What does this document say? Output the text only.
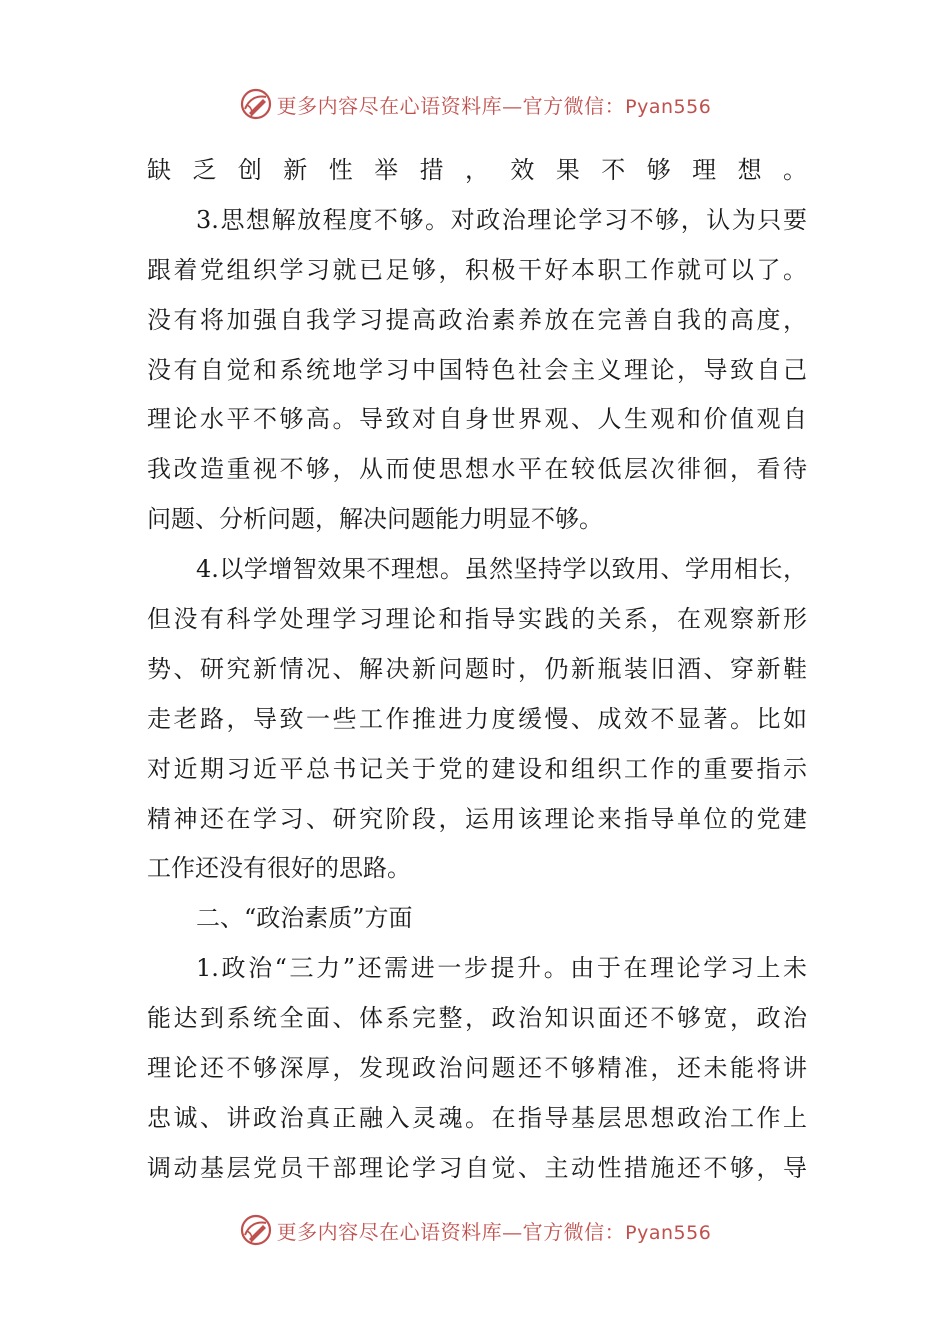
更多内容尽在心语资料库—官方微信：Pyan556
缺乏创新性举措，效果不够理想。
3.思想解放程度不够。对政治理论学习不够，认为只要
跟着党组织学习就已足够，积极干好本职工作就可以了。
没有将加强自我学习提高政治素养放在完善自我的高度，
没有自觉和系统地学习中国特色社会主义理论，导致自己
理论水平不够高。导致对自身世界观、人生观和价值观自
我改造重视不够，从而使思想水平在较低层次徘徊，看待
问题、分析问题，解决问题能力明显不够。
4.以学增智效果不理想。虽然坚持学以致用、学用相长，
但没有科学处理学习理论和指导实践的关系，在观察新形
势、研究新情况、解决新问题时，仍新瓶装旧酒、穿新鞋
走老路，导致一些工作推进力度缓慢、成效不显著。比如
对近期习近平总书记关于党的建设和组织工作的重要指示
精神还在学习、研究阶段，运用该理论来指导单位的党建
工作还没有很好的思路。
二、“政治素质”方面
1.政治“三力”还需进一步提升。由于在理论学习上未
能达到系统全面、体系完整，政治知识面还不够宽，政治
理论还不够深厚，发现政治问题还不够精准，还未能将讲
忠诚、讲政治真正融入灵魂。在指导基层思想政治工作上
调动基层党员干部理论学习自觉、主动性措施还不够，导
更多内容尽在心语资料库—官方微信：Pyan556
